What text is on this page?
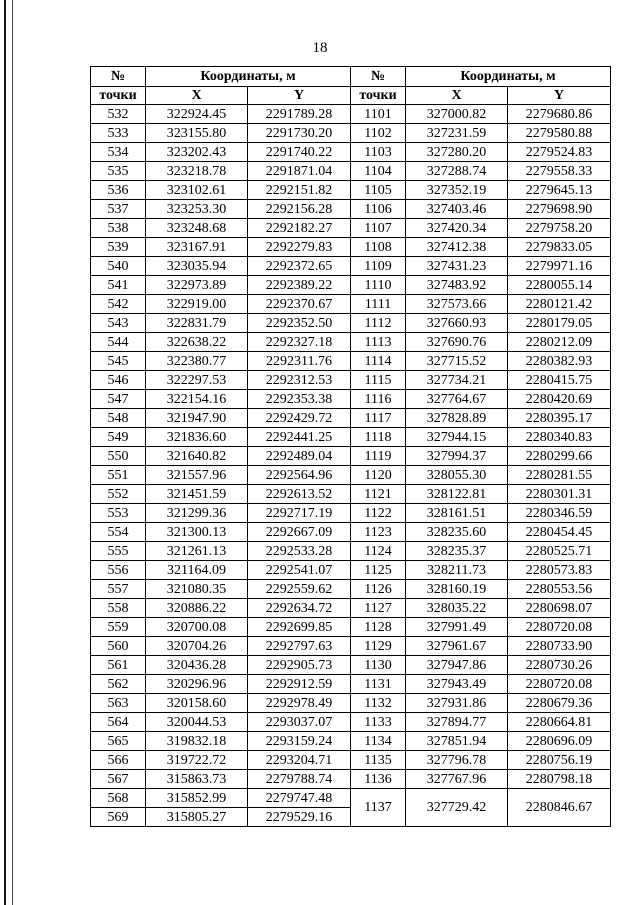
18
№	Координаты, м		№	Координаты, м	
точки	X	Y	точки	X	Y
532	322924.45	2291789.28	1101	327000.82	2279680.86
533	323155.80	2291730.20	1102	327231.59	2279580.88
534	323202.43	2291740.22	1103	327280.20	2279524.83
535	323218.78	2291871.04	1104	327288.74	2279558.33
536	323102.61	2292151.82	1105	327352.19	2279645.13
537	323253.30	2292156.28	1106	327403.46	2279698.90
538	323248.68	2292182.27	1107	327420.34	2279758.20
539	323167.91	2292279.83	1108	327412.38	2279833.05
540	323035.94	2292372.65	1109	327431.23	2279971.16
541	322973.89	2292389.22	1110	327483.92	2280055.14
542	322919.00	2292370.67	1111	327573.66	2280121.42
543	322831.79	2292352.50	1112	327660.93	2280179.05
544	322638.22	2292327.18	1113	327690.76	2280212.09
545	322380.77	2292311.76	1114	327715.52	2280382.93
546	322297.53	2292312.53	1115	327734.21	2280415.75
547	322154.16	2292353.38	1116	327764.67	2280420.69
548	321947.90	2292429.72	1117	327828.89	2280395.17
549	321836.60	2292441.25	1118	327944.15	2280340.83
550	321640.82	2292489.04	1119	327994.37	2280299.66
551	321557.96	2292564.96	1120	328055.30	2280281.55
552	321451.59	2292613.52	1121	328122.81	2280301.31
553	321299.36	2292717.19	1122	328161.51	2280346.59
554	321300.13	2292667.09	1123	328235.60	2280454.45
555	321261.13	2292533.28	1124	328235.37	2280525.71
556	321164.09	2292541.07	1125	328211.73	2280573.83
557	321080.35	2292559.62	1126	328160.19	2280553.56
558	320886.22	2292634.72	1127	328035.22	2280698.07
559	320700.08	2292699.85	1128	327991.49	2280720.08
560	320704.26	2292797.63	1129	327961.67	2280733.90
561	320436.28	2292905.73	1130	327947.86	2280730.26
562	320296.96	2292912.59	1131	327943.49	2280720.08
563	320158.60	2292978.49	1132	327931.86	2280679.36
564	320044.53	2293037.07	1133	327894.77	2280664.81
565	319832.18	2293159.24	1134	327851.94	2280696.09
566	319722.72	2293204.71	1135	327796.78	2280756.19
567	315863.73	2279788.74	1136	327767.96	2280798.18
568	315852.99	2279747.48	1137	327729.42	2280846.67
569	315805.27	2279529.16			
